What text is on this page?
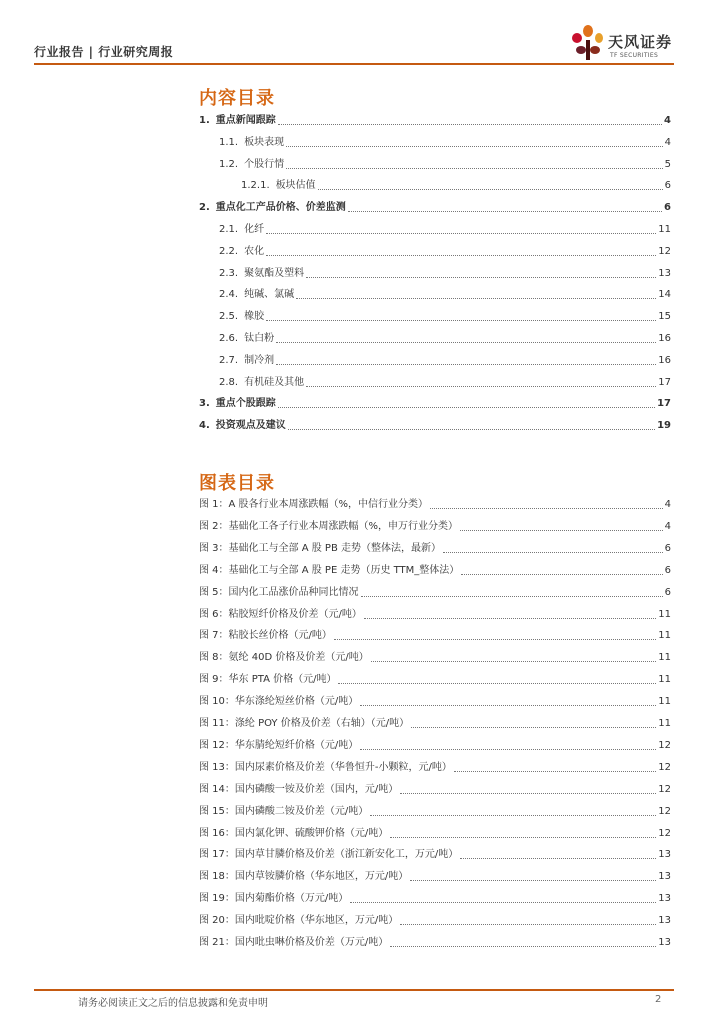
行业报告 | 行业研究周报
天风证券
TF SECURITIES
内容目录
1. 重点新闻跟踪	4
1.1. 板块表现	4
1.2. 个股行情	5
1.2.1. 板块估值	6
2. 重点化工产品价格、价差监测	6
2.1. 化纤	11
2.2. 农化	12
2.3. 聚氨酯及塑料	13
2.4. 纯碱、氯碱	14
2.5. 橡胶	15
2.6. 钛白粉	16
2.7. 制冷剂	16
2.8. 有机硅及其他	17
3. 重点个股跟踪	17
4. 投资观点及建议	19
图表目录
图 1：A 股各行业本周涨跌幅（%，中信行业分类）	4
图 2：基础化工各子行业本周涨跌幅（%，申万行业分类）	4
图 3：基础化工与全部 A 股 PB 走势（整体法，最新）	6
图 4：基础化工与全部 A 股 PE 走势（历史 TTM_整体法）	6
图 5：国内化工品涨价品种同比情况	6
图 6：粘胶短纤价格及价差（元/吨）	11
图 7：粘胶长丝价格（元/吨）	11
图 8：氨纶 40D 价格及价差（元/吨）	11
图 9：华东 PTA 价格（元/吨）	11
图 10：华东涤纶短丝价格（元/吨）	11
图 11：涤纶 POY 价格及价差（右轴）（元/吨）	11
图 12：华东腈纶短纤价格（元/吨）	12
图 13：国内尿素价格及价差（华鲁恒升-小颗粒，元/吨）	12
图 14：国内磷酸一铵及价差（国内，元/吨）	12
图 15：国内磷酸二铵及价差（元/吨）	12
图 16：国内氯化钾、硫酸钾价格（元/吨）	12
图 17：国内草甘膦价格及价差（浙江新安化工，万元/吨）	13
图 18：国内草铵膦价格（华东地区，万元/吨）	13
图 19：国内菊酯价格（万元/吨）	13
图 20：国内吡啶价格（华东地区，万元/吨）	13
图 21：国内吡虫啉价格及价差（万元/吨）	13
请务必阅读正文之后的信息披露和免责申明	2
